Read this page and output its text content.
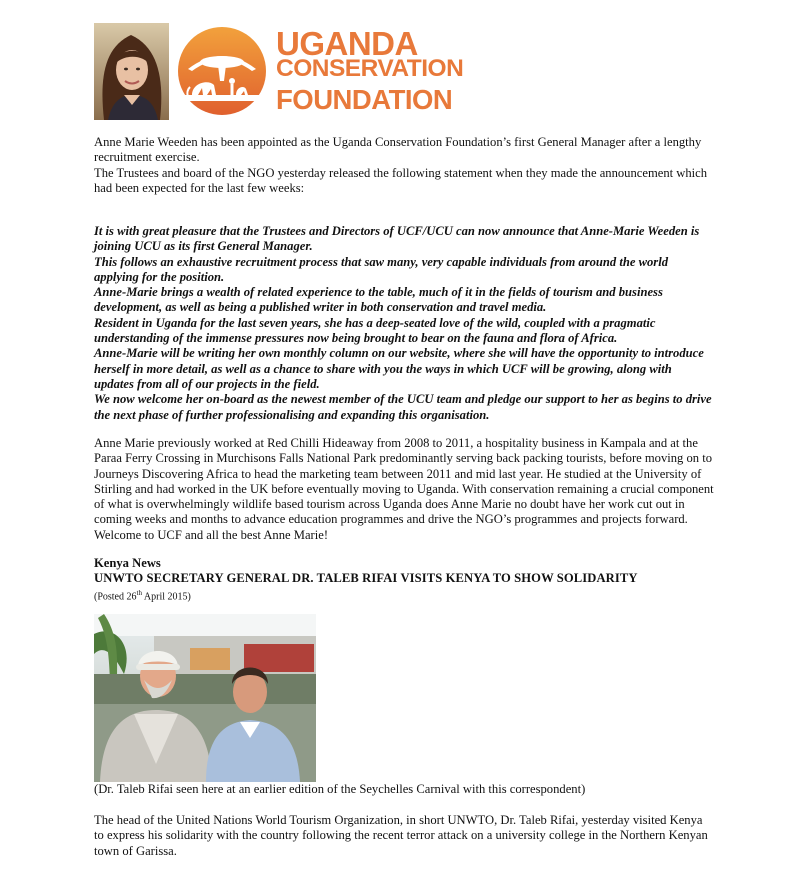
UGANDA
CONSERVATION
FOUNDATION

Anne Marie Weeden has been appointed as the Uganda Conservation Foundation’s first General Manager after a lengthy recruitment exercise.

The Trustees and board of the NGO yesterday released the following statement when they made the announcement which had been expected for the last few weeks:

It is with great pleasure that the Trustees and Directors of UCF/UCU can now announce that Anne-Marie Weeden is joining UCU as its first General Manager.

This follows an exhaustive recruitment process that saw many, very capable individuals from around the world applying for the position.

Anne-Marie brings a wealth of related experience to the table, much of it in the fields of tourism and business development, as well as being a published writer in both conservation and travel media.

Resident in Uganda for the last seven years, she has a deep-seated love of the wild, coupled with a pragmatic understanding of the immense pressures now being brought to bear on the fauna and flora of Africa.

Anne-Marie will be writing her own monthly column on our website, where she will have the opportunity to introduce herself in more detail, as well as a chance to share with you the ways in which UCF will be growing, along with updates from all of our projects in the field.

We now welcome her on-board as the newest member of the UCU team and pledge our support to her as begins to drive the next phase of further professionalising and expanding this organisation.

Anne Marie previously worked at Red Chilli Hideaway from 2008 to 2011, a hospitality business in Kampala and at the Paraa Ferry Crossing in Murchisons Falls National Park predominantly serving back packing tourists, before moving on to Journeys Discovering Africa to head the marketing team between 2011 and mid last year. He studied at the University of Stirling and had worked in the UK before eventually moving to Uganda. With conservation remaining a crucial component of what is overwhelmingly wildlife based tourism across Uganda does Anne Marie no doubt have her work cut out in coming weeks and months to advance education programmes and drive the NGO’s programmes and projects forward. Welcome to UCF and all the best Anne Marie!

Kenya News

UNWTO SECRETARY GENERAL DR. TALEB RIFAI VISITS KENYA TO SHOW SOLIDARITY

(Posted 26th April 2015)

(Dr. Taleb Rifai seen here at an earlier edition of the Seychelles Carnival with this correspondent)

The head of the United Nations World Tourism Organization, in short UNWTO, Dr. Taleb Rifai, yesterday visited Kenya to express his solidarity with the country following the recent terror attack on a university college in the Northern Kenyan town of Garissa.
